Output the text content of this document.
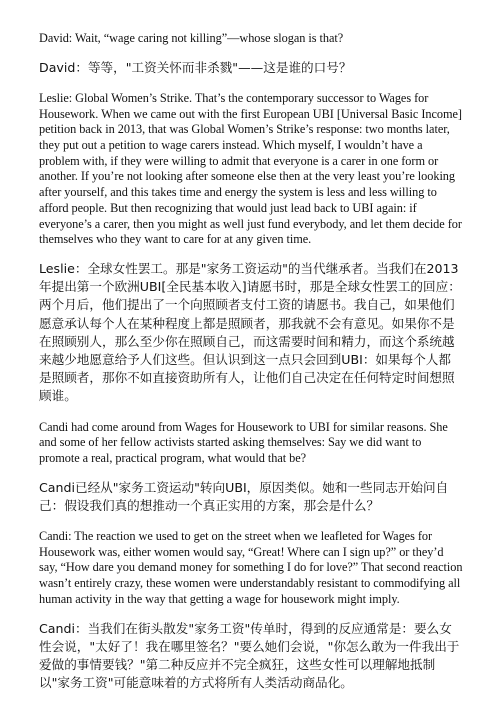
David: Wait, “wage caring not killing”—whose slogan is that?

David：等等，"工资关怀而非杀戮"——这是谁的口号？

Leslie: Global Women’s Strike. That’s the contemporary successor to Wages for Housework. When we came out with the first European UBI [Universal Basic Income] petition back in 2013, that was Global Women’s Strike’s response: two months later, they put out a petition to wage carers instead. Which myself, I wouldn’t have a problem with, if they were willing to admit that everyone is a carer in one form or another. If you’re not looking after someone else then at the very least you’re looking after yourself, and this takes time and energy the system is less and less willing to afford people. But then recognizing that would just lead back to UBI again: if everyone’s a carer, then you might as well just fund everybody, and let them decide for themselves who they want to care for at any given time.

Leslie：全球女性罢工。那是"家务工资运动"的当代继承者。当我们在2013年提出第一个欧洲UBI[全民基本收入]请愿书时，那是全球女性罢工的回应：两个月后，他们提出了一个向照顾者支付工资的请愿书。我自己，如果他们愿意承认每个人在某种程度上都是照顾者，那我就不会有意见。如果你不是在照顾别人，那么至少你在照顾自己，而这需要时间和精力，而这个系统越来越少地愿意给予人们这些。但认识到这一点只会回到UBI：如果每个人都是照顾者，那你不如直接资助所有人，让他们自己决定在任何特定时间想照顾谁。

Candi had come around from Wages for Housework to UBI for similar reasons. She and some of her fellow activists started asking themselves: Say we did want to promote a real, practical program, what would that be?

Candi已经从"家务工资运动"转向UBI，原因类似。她和一些同志开始问自己：假设我们真的想推动一个真正实用的方案，那会是什么？

Candi: The reaction we used to get on the street when we leafleted for Wages for Housework was, either women would say, “Great! Where can I sign up?” or they’d say, “How dare you demand money for something I do for love?” That second reaction wasn’t entirely crazy, these women were understandably resistant to commodifying all human activity in the way that getting a wage for housework might imply.

Candi：当我们在街头散发"家务工资"传单时，得到的反应通常是：要么女性会说，"太好了！我在哪里签名？"要么她们会说，"你怎么敢为一件我出于爱做的事情要钱？"第二种反应并不完全疯狂，这些女性可以理解地抵制以"家务工资"可能意味着的方式将所有人类活动商品化。
